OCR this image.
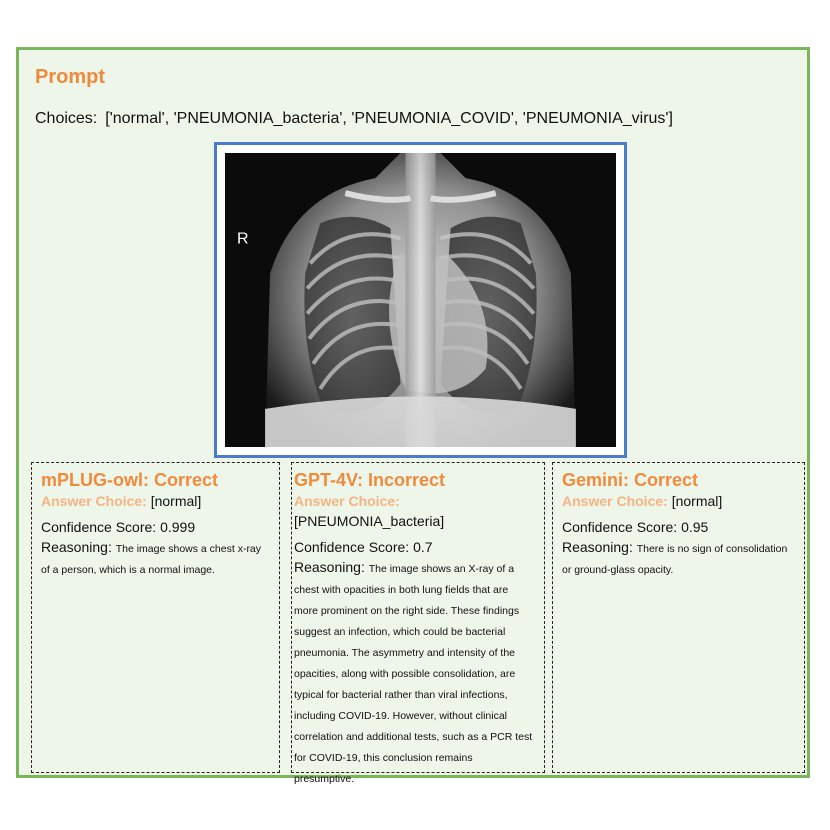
Prompt
Choices: ['normal', 'PNEUMONIA_bacteria', 'PNEUMONIA_COVID', 'PNEUMONIA_virus']
R
mPLUG-owl: Correct
Answer Choice: [normal]
Confidence Score: 0.999
Reasoning: The image shows a chest x-ray of a person, which is a normal image.
GPT-4V: Incorrect
Answer Choice:
[PNEUMONIA_bacteria]
Confidence Score: 0.7
Reasoning: The image shows an X-ray of a chest with opacities in both lung fields that are more prominent on the right side. These findings suggest an infection, which could be bacterial pneumonia. The asymmetry and intensity of the opacities, along with possible consolidation, are typical for bacterial rather than viral infections, including COVID-19. However, without clinical correlation and additional tests, such as a PCR test for COVID-19, this conclusion remains presumptive.
Gemini: Correct
Answer Choice: [normal]
Confidence Score: 0.95
Reasoning: There is no sign of consolidation or ground-glass opacity.
